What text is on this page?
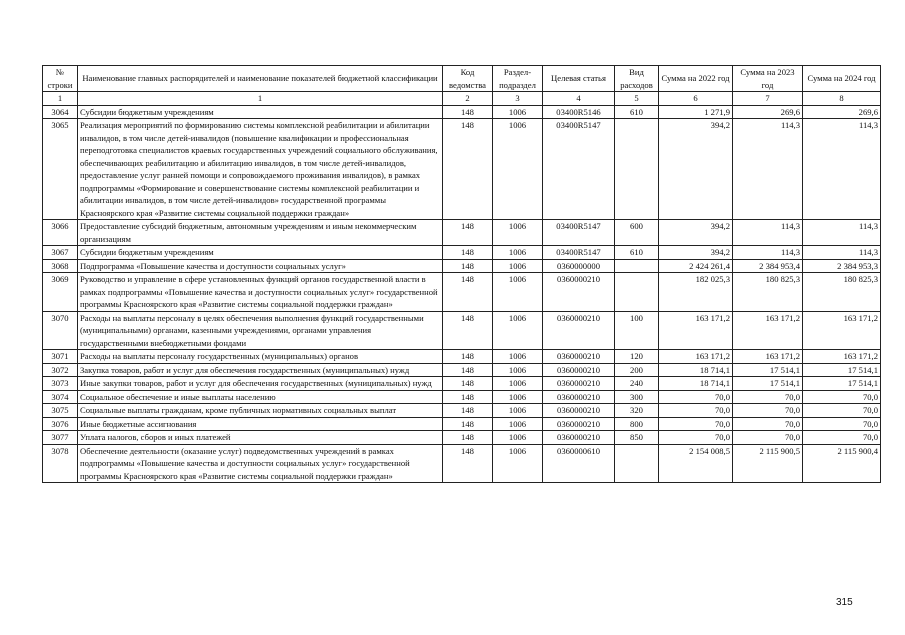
№ строки	Наименование главных распорядителей и наименование показателей бюджетной классификации	Код ведомства	Раздел-подраздел	Целевая статья	Вид расходов	Сумма на 2022 год	Сумма на 2023 год	Сумма на 2024 год
1	1	2	3	4	5	6	7	8
3064	Субсидии бюджетным учреждениям	148	1006	03400R5146	610	1 271,9	269,6	269,6
3065	Реализация мероприятий по формированию системы комплексной реабилитации и абилитации инвалидов, в том числе детей-инвалидов (повышение квалификации и профессиональная переподготовка специалистов краевых государственных учреждений социального обслуживания, обеспечивающих реабилитацию и абилитацию инвалидов, в том числе детей-инвалидов, предоставление услуг ранней помощи и сопровождаемого проживания инвалидов), в рамках подпрограммы «Формирование и совершенствование системы комплексной реабилитации и абилитации инвалидов, в том числе детей-инвалидов» государственной программы Красноярского края «Развитие системы социальной поддержки граждан»	148	1006	03400R5147		394,2	114,3	114,3
3066	Предоставление субсидий бюджетным, автономным учреждениям и иным некоммерческим организациям	148	1006	03400R5147	600	394,2	114,3	114,3
3067	Субсидии бюджетным учреждениям	148	1006	03400R5147	610	394,2	114,3	114,3
3068	Подпрограмма «Повышение качества и доступности социальных услуг»	148	1006	0360000000		2 424 261,4	2 384 953,4	2 384 953,3
3069	Руководство и управление в сфере установленных функций органов государственной власти в рамках подпрограммы «Повышение качества и доступности социальных услуг» государственной программы Красноярского края «Развитие системы социальной поддержки граждан»	148	1006	0360000210		182 025,3	180 825,3	180 825,3
3070	Расходы на выплаты персоналу в целях обеспечения выполнения функций государственными (муниципальными) органами, казенными учреждениями, органами управления государственными внебюджетными фондами	148	1006	0360000210	100	163 171,2	163 171,2	163 171,2
3071	Расходы на выплаты персоналу государственных (муниципальных) органов	148	1006	0360000210	120	163 171,2	163 171,2	163 171,2
3072	Закупка товаров, работ и услуг для обеспечения государственных (муниципальных) нужд	148	1006	0360000210	200	18 714,1	17 514,1	17 514,1
3073	Иные закупки товаров, работ и услуг для обеспечения государственных (муниципальных) нужд	148	1006	0360000210	240	18 714,1	17 514,1	17 514,1
3074	Социальное обеспечение и иные выплаты населению	148	1006	0360000210	300	70,0	70,0	70,0
3075	Социальные выплаты гражданам, кроме публичных нормативных социальных выплат	148	1006	0360000210	320	70,0	70,0	70,0
3076	Иные бюджетные ассигнования	148	1006	0360000210	800	70,0	70,0	70,0
3077	Уплата налогов, сборов и иных платежей	148	1006	0360000210	850	70,0	70,0	70,0
3078	Обеспечение деятельности (оказание услуг) подведомственных учреждений в рамках подпрограммы «Повышение качества и доступности социальных услуг» государственной программы Красноярского края «Развитие системы социальной поддержки граждан»	148	1006	0360000610		2 154 008,5	2 115 900,5	2 115 900,4
315
